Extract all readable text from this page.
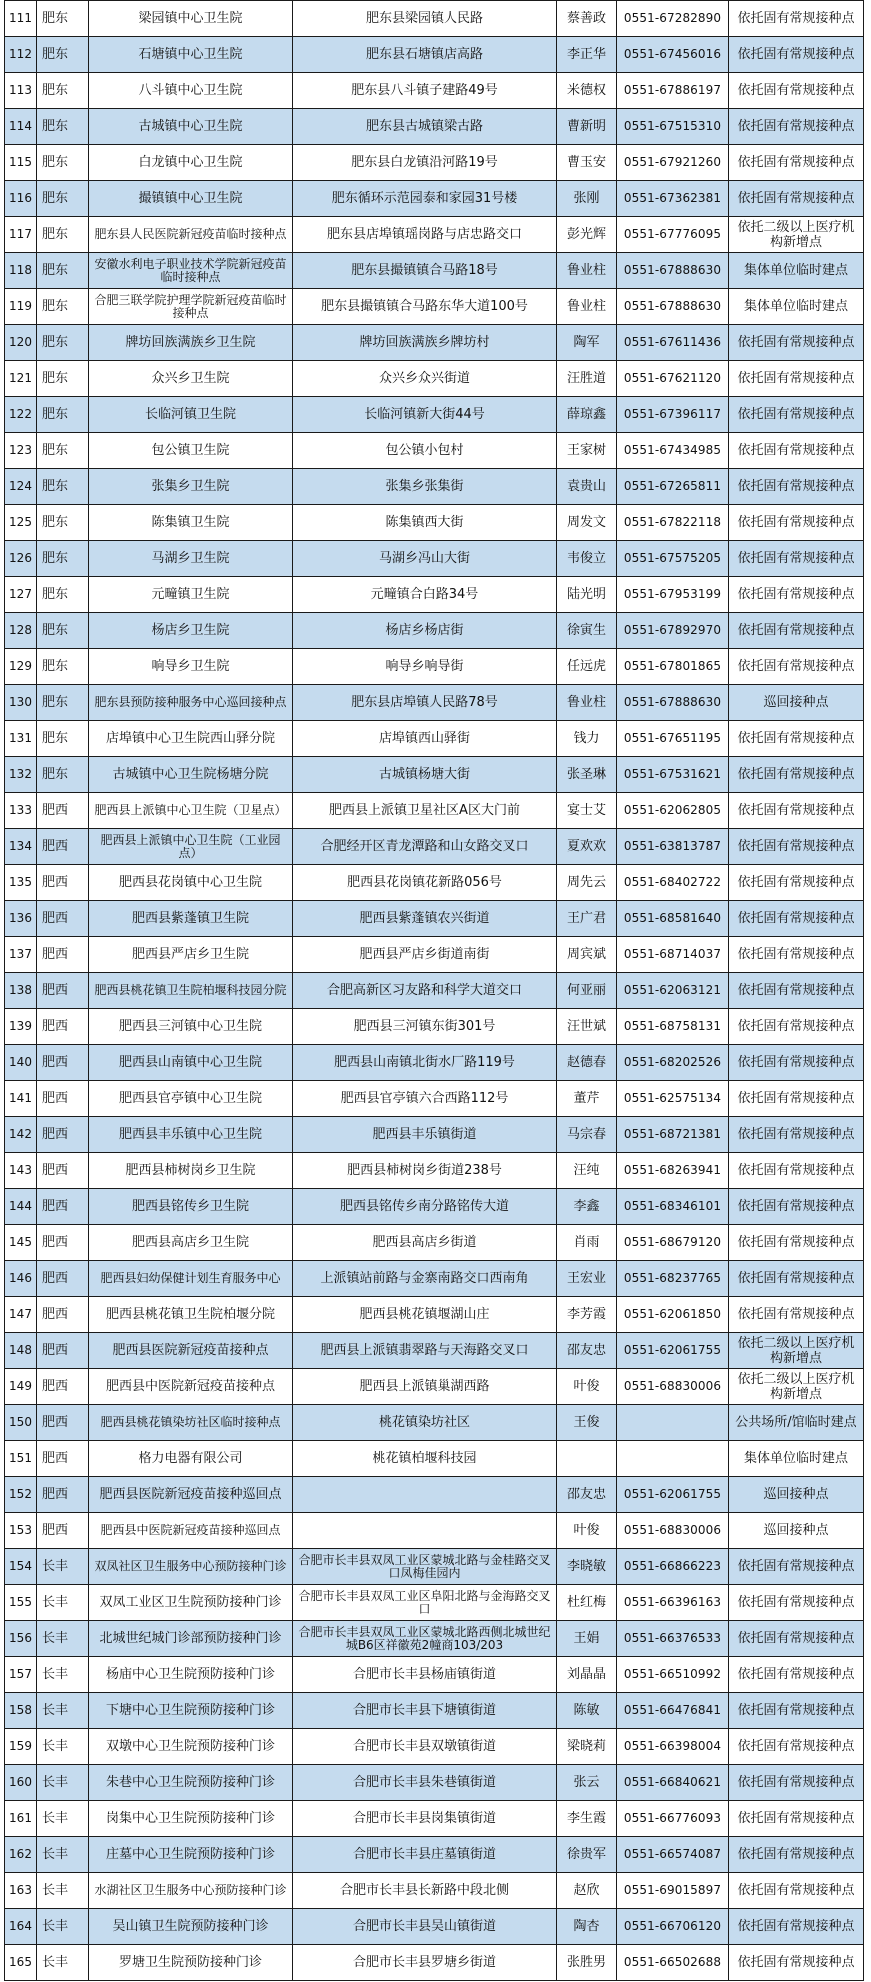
111	肥东	梁园镇中心卫生院	肥东县梁园镇人民路	蔡善政	0551-67282890	依托固有常规接种点
112	肥东	石塘镇中心卫生院	肥东县石塘镇店高路	李正华	0551-67456016	依托固有常规接种点
113	肥东	八斗镇中心卫生院	肥东县八斗镇子建路49号	米德权	0551-67886197	依托固有常规接种点
114	肥东	古城镇中心卫生院	肥东县古城镇梁古路	曹新明	0551-67515310	依托固有常规接种点
115	肥东	白龙镇中心卫生院	肥东县白龙镇沿河路19号	曹玉安	0551-67921260	依托固有常规接种点
116	肥东	撮镇镇中心卫生院	肥东循环示范园泰和家园31号楼	张刚	0551-67362381	依托固有常规接种点
117	肥东	肥东县人民医院新冠疫苗临时接种点	肥东县店埠镇瑶岗路与店忠路交口	彭光辉	0551-67776095	依托二级以上医疗机构新增点
118	肥东	安徽水利电子职业技术学院新冠疫苗临时接种点	肥东县撮镇镇合马路18号	鲁业柱	0551-67888630	集体单位临时建点
119	肥东	合肥三联学院护理学院新冠疫苗临时接种点	肥东县撮镇镇合马路东华大道100号	鲁业柱	0551-67888630	集体单位临时建点
120	肥东	牌坊回族满族乡卫生院	牌坊回族满族乡牌坊村	陶军	0551-67611436	依托固有常规接种点
121	肥东	众兴乡卫生院	众兴乡众兴街道	汪胜道	0551-67621120	依托固有常规接种点
122	肥东	长临河镇卫生院	长临河镇新大街44号	薛琼鑫	0551-67396117	依托固有常规接种点
123	肥东	包公镇卫生院	包公镇小包村	王家树	0551-67434985	依托固有常规接种点
124	肥东	张集乡卫生院	张集乡张集街	袁贵山	0551-67265811	依托固有常规接种点
125	肥东	陈集镇卫生院	陈集镇西大街	周发文	0551-67822118	依托固有常规接种点
126	肥东	马湖乡卫生院	马湖乡冯山大街	韦俊立	0551-67575205	依托固有常规接种点
127	肥东	元疃镇卫生院	元疃镇合白路34号	陆光明	0551-67953199	依托固有常规接种点
128	肥东	杨店乡卫生院	杨店乡杨店街	徐寅生	0551-67892970	依托固有常规接种点
129	肥东	响导乡卫生院	响导乡响导街	任远虎	0551-67801865	依托固有常规接种点
130	肥东	肥东县预防接种服务中心巡回接种点	肥东县店埠镇人民路78号	鲁业柱	0551-67888630	巡回接种点
131	肥东	店埠镇中心卫生院西山驿分院	店埠镇西山驿街	钱力	0551-67651195	依托固有常规接种点
132	肥东	古城镇中心卫生院杨塘分院	古城镇杨塘大街	张圣琳	0551-67531621	依托固有常规接种点
133	肥西	肥西县上派镇中心卫生院（卫星点）	肥西县上派镇卫星社区A区大门前	宴士艾	0551-62062805	依托固有常规接种点
134	肥西	肥西县上派镇中心卫生院（工业园点）	合肥经开区青龙潭路和山女路交叉口	夏欢欢	0551-63813787	依托固有常规接种点
135	肥西	肥西县花岗镇中心卫生院	肥西县花岗镇花新路056号	周先云	0551-68402722	依托固有常规接种点
136	肥西	肥西县紫蓬镇卫生院	肥西县紫蓬镇农兴街道	王广君	0551-68581640	依托固有常规接种点
137	肥西	肥西县严店乡卫生院	肥西县严店乡街道南街	周宾斌	0551-68714037	依托固有常规接种点
138	肥西	肥西县桃花镇卫生院柏堰科技园分院	合肥高新区习友路和科学大道交口	何亚丽	0551-62063121	依托固有常规接种点
139	肥西	肥西县三河镇中心卫生院	肥西县三河镇东街301号	汪世斌	0551-68758131	依托固有常规接种点
140	肥西	肥西县山南镇中心卫生院	肥西县山南镇北街水厂路119号	赵德春	0551-68202526	依托固有常规接种点
141	肥西	肥西县官亭镇中心卫生院	肥西县官亭镇六合西路112号	董芹	0551-62575134	依托固有常规接种点
142	肥西	肥西县丰乐镇中心卫生院	肥西县丰乐镇街道	马宗春	0551-68721381	依托固有常规接种点
143	肥西	肥西县柿树岗乡卫生院	肥西县柿树岗乡街道238号	汪纯	0551-68263941	依托固有常规接种点
144	肥西	肥西县铭传乡卫生院	肥西县铭传乡南分路铭传大道	李鑫	0551-68346101	依托固有常规接种点
145	肥西	肥西县高店乡卫生院	肥西县高店乡街道	肖雨	0551-68679120	依托固有常规接种点
146	肥西	肥西县妇幼保健计划生育服务中心	上派镇站前路与金寨南路交口西南角	王宏业	0551-68237765	依托固有常规接种点
147	肥西	肥西县桃花镇卫生院柏堰分院	肥西县桃花镇堰湖山庄	李芳霞	0551-62061850	依托固有常规接种点
148	肥西	肥西县医院新冠疫苗接种点	肥西县上派镇翡翠路与天海路交叉口	邵友忠	0551-62061755	依托二级以上医疗机构新增点
149	肥西	肥西县中医院新冠疫苗接种点	肥西县上派镇巢湖西路	叶俊	0551-68830006	依托二级以上医疗机构新增点
150	肥西	肥西县桃花镇染坊社区临时接种点	桃花镇染坊社区	王俊		公共场所/馆临时建点
151	肥西	格力电器有限公司	桃花镇柏堰科技园			集体单位临时建点
152	肥西	肥西县医院新冠疫苗接种巡回点		邵友忠	0551-62061755	巡回接种点
153	肥西	肥西县中医院新冠疫苗接种巡回点		叶俊	0551-68830006	巡回接种点
154	长丰	双凤社区卫生服务中心预防接种门诊	合肥市长丰县双凤工业区蒙城北路与金桂路交叉口凤梅佳园内	李晓敏	0551-66866223	依托固有常规接种点
155	长丰	双凤工业区卫生院预防接种门诊	合肥市长丰县双凤工业区阜阳北路与金海路交叉口	杜红梅	0551-66396163	依托固有常规接种点
156	长丰	北城世纪城门诊部预防接种门诊	合肥市长丰县双凤工业区蒙城北路西侧北城世纪城B6区祥徽苑2幢商103/203	王娟	0551-66376533	依托固有常规接种点
157	长丰	杨庙中心卫生院预防接种门诊	合肥市长丰县杨庙镇街道	刘晶晶	0551-66510992	依托固有常规接种点
158	长丰	下塘中心卫生院预防接种门诊	合肥市长丰县下塘镇街道	陈敏	0551-66476841	依托固有常规接种点
159	长丰	双墩中心卫生院预防接种门诊	合肥市长丰县双墩镇街道	梁晓莉	0551-66398004	依托固有常规接种点
160	长丰	朱巷中心卫生院预防接种门诊	合肥市长丰县朱巷镇街道	张云	0551-66840621	依托固有常规接种点
161	长丰	岗集中心卫生院预防接种门诊	合肥市长丰县岗集镇街道	李生霞	0551-66776093	依托固有常规接种点
162	长丰	庄墓中心卫生院预防接种门诊	合肥市长丰县庄墓镇街道	徐贵军	0551-66574087	依托固有常规接种点
163	长丰	水湖社区卫生服务中心预防接种门诊	合肥市长丰县长新路中段北侧	赵欣	0551-69015897	依托固有常规接种点
164	长丰	吴山镇卫生院预防接种门诊	合肥市长丰县吴山镇街道	陶杏	0551-66706120	依托固有常规接种点
165	长丰	罗塘卫生院预防接种门诊	合肥市长丰县罗塘乡街道	张胜男	0551-66502688	依托固有常规接种点
